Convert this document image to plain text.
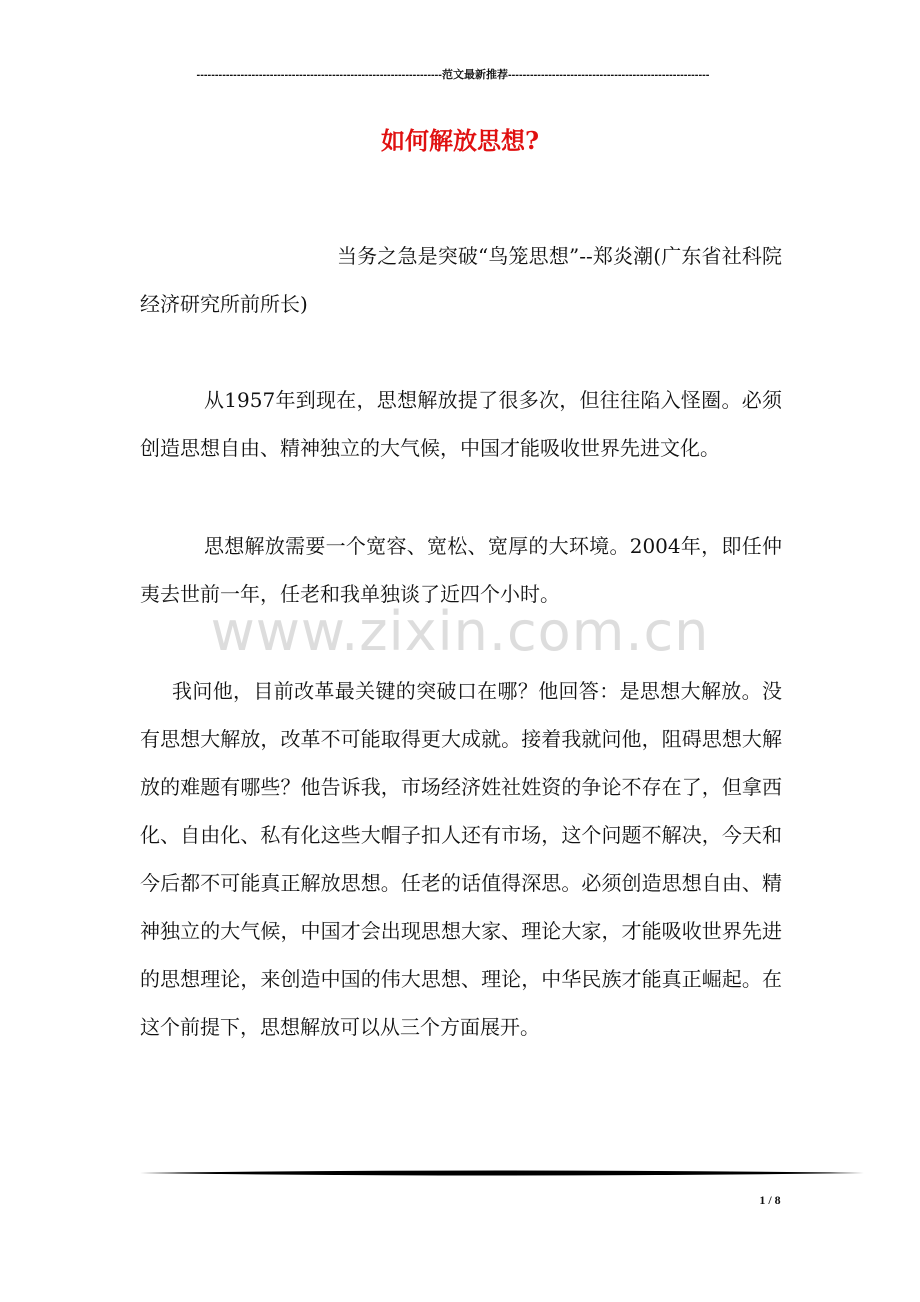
-------------------------------------------------------------------范文最新推荐-------------------------------------------------------
如何解放思想?
当务之急是突破“鸟笼思想”--郑炎潮(广东省社科院经济研究所前所长)
从1957年到现在，思想解放提了很多次，但往往陷入怪圈。必须创造思想自由、精神独立的大气候，中国才能吸收世界先进文化。
思想解放需要一个宽容、宽松、宽厚的大环境。2004年，即任仲夷去世前一年，任老和我单独谈了近四个小时。
www.zixin.com.cn
我问他，目前改革最关键的突破口在哪？他回答：是思想大解放。没有思想大解放，改革不可能取得更大成就。接着我就问他，阻碍思想大解放的难题有哪些？他告诉我，市场经济姓社姓资的争论不存在了，但拿西化、自由化、私有化这些大帽子扣人还有市场，这个问题不解决，今天和今后都不可能真正解放思想。任老的话值得深思。必须创造思想自由、精神独立的大气候，中国才会出现思想大家、理论大家，才能吸收世界先进的思想理论，来创造中国的伟大思想、理论，中华民族才能真正崛起。在这个前提下，思想解放可以从三个方面展开。
1 / 8
